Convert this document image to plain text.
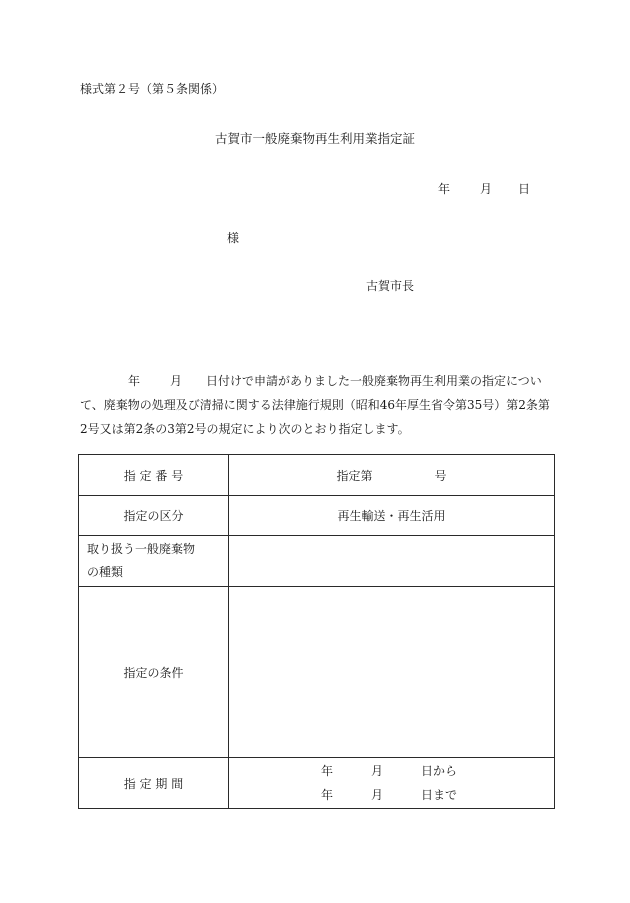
様式第２号（第５条関係）
古賀市一般廃棄物再生利用業指定証
年	月 日
様
古賀市長
年	月 日付けで申請がありました一般廃棄物再生利用業の指定につい
て、廃棄物の処理及び清掃に関する法律施行規則（昭和46年厚生省令第35号）第2条第
2号又は第2条の3第2号の規定により次のとおり指定します。
指 定 番 号	指定第 号
指定の区分	再生輸送・再生活用
取り扱う一般廃棄物
の種類	
指定の条件	
指 定 期 間	年 月 日から
年 月 日まで
